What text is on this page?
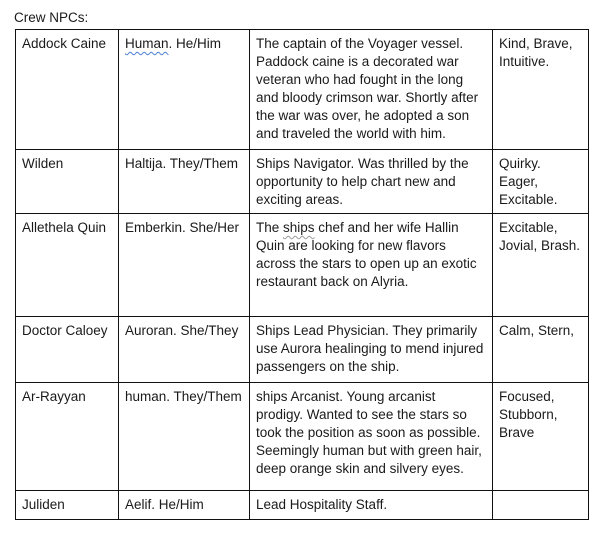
Crew NPCs:

Addock Caine	Human. He/Him	The captain of the Voyager vessel. Paddock caine is a decorated war veteran who had fought in the long and bloody crimson war. Shortly after the war was over, he adopted a son and traveled the world with him.	Kind, Brave, Intuitive.
Wilden	Haltija. They/Them	Ships Navigator. Was thrilled by the opportunity to help chart new and exciting areas.	Quirky. Eager, Excitable.
Allethela Quin	Emberkin. She/Her	The ships chef and her wife Hallin Quin are looking for new flavors across the stars to open up an exotic restaurant back on Alyria.	Excitable, Jovial, Brash.
Doctor Caloey	Auroran. She/They	Ships Lead Physician. They primarily use Aurora healinging to mend injured passengers on the ship.	Calm, Stern,
Ar-Rayyan	human. They/Them	ships Arcanist. Young arcanist prodigy. Wanted to see the stars so took the position as soon as possible. Seemingly human but with green hair, deep orange skin and silvery eyes.	Focused, Stubborn, Brave
Juliden	Aelif. He/Him	Lead Hospitality Staff.	
